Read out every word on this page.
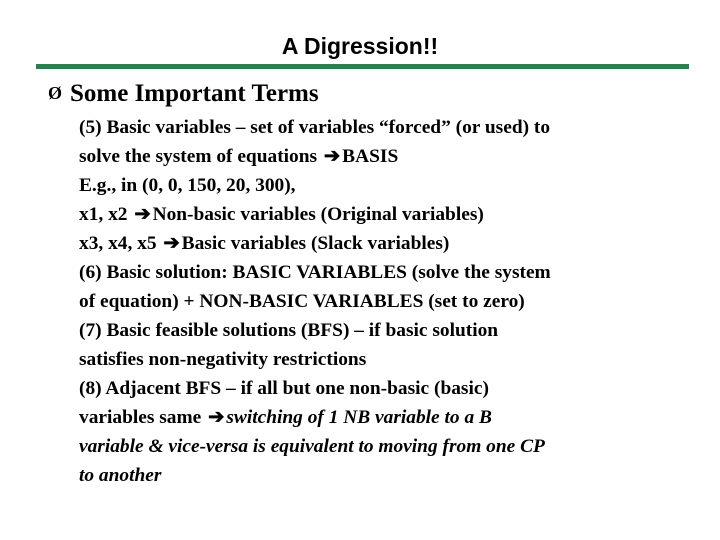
A Digression!!
Ø Some Important Terms
(5) Basic variables – set of variables “forced” (or used) to
solve the system of equations ➔ BASIS
E.g., in (0, 0, 150, 20, 300),
x1, x2 ➔ Non-basic variables (Original variables)
x3, x4, x5 ➔ Basic variables (Slack variables)
(6) Basic solution: BASIC VARIABLES (solve the system
of equation) + NON-BASIC VARIABLES (set to zero)
(7) Basic feasible solutions (BFS) – if basic solution
satisfies non-negativity restrictions
(8) Adjacent BFS – if all but one non-basic (basic)
variables same ➔ switching of 1 NB variable to a B
variable & vice-versa is equivalent to moving from one CP
to another
